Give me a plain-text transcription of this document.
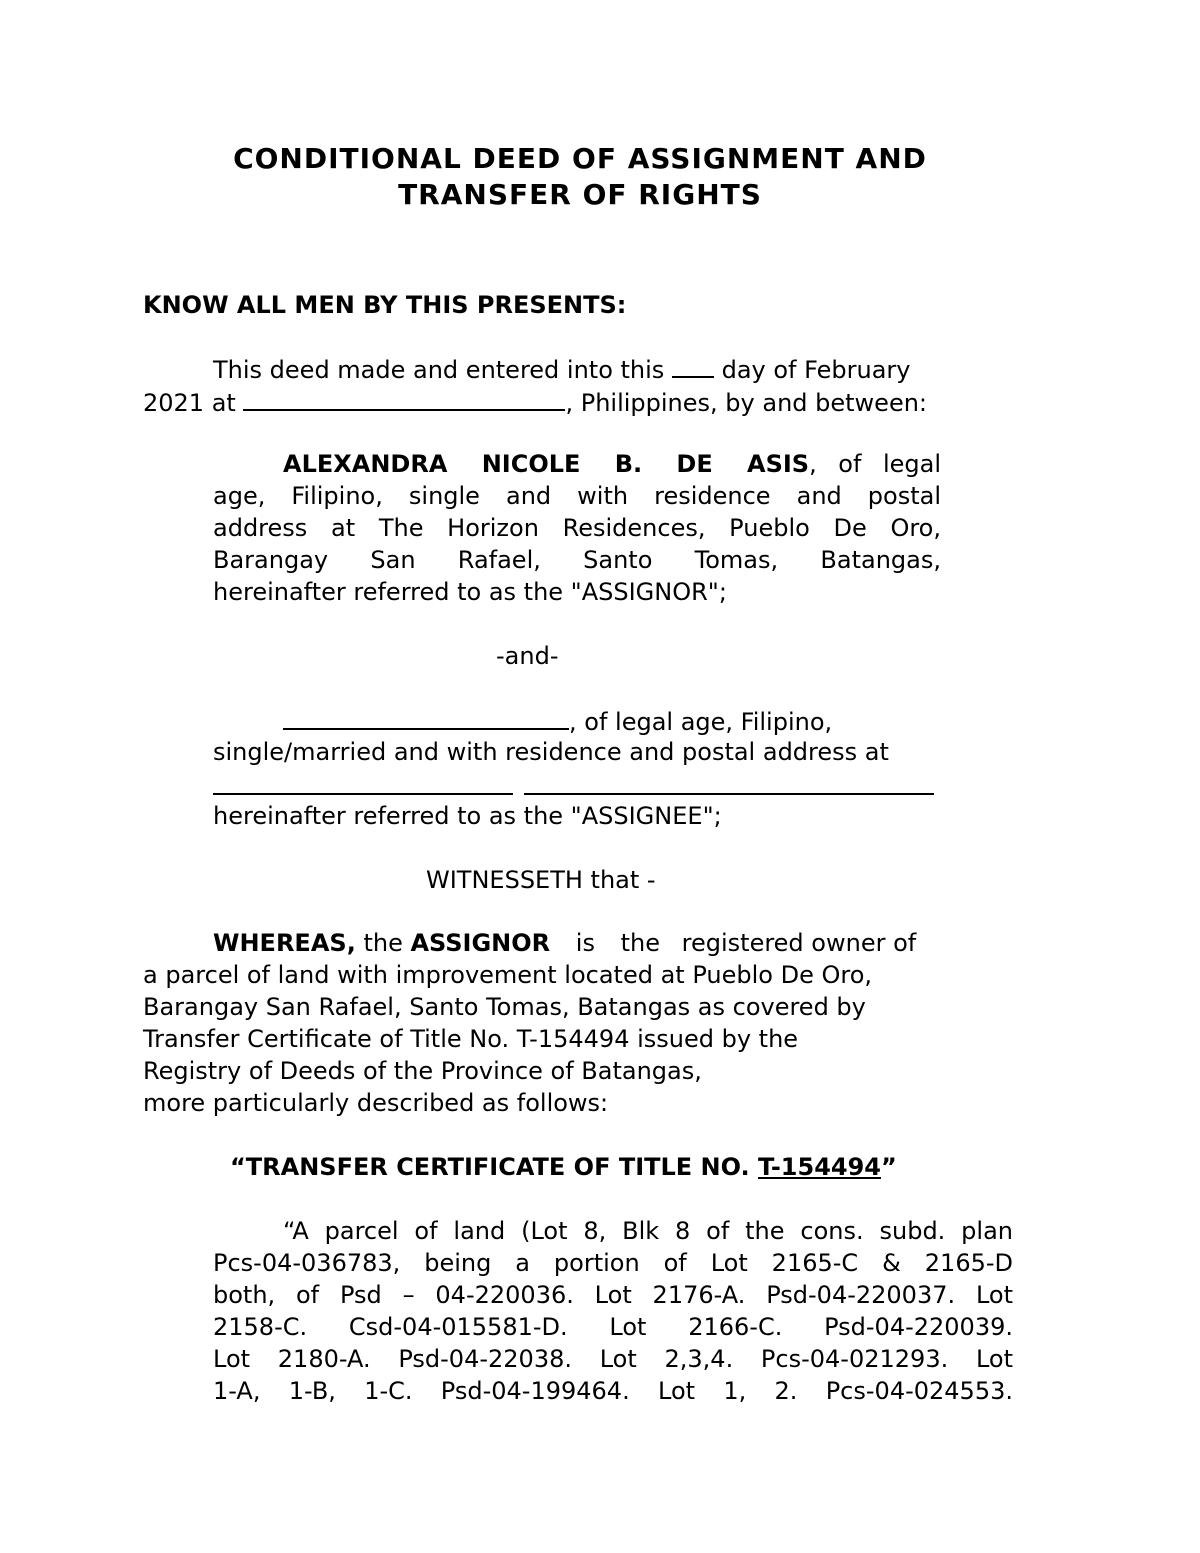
CONDITIONAL DEED OF ASSIGNMENT AND
TRANSFER OF RIGHTS
KNOW ALL MEN BY THIS PRESENTS:
This deed made and entered into this day of February
2021 at	, Philippines, by and between:
ALEXANDRA NICOLE B. DE ASIS, of legal
age, Filipino, single and with residence and postal
address at The Horizon Residences, Pueblo De Oro,
Barangay San Rafael, Santo Tomas, Batangas,
hereinafter referred to as the "ASSIGNOR";
-and-
, of legal age, Filipino,
single/married and with residence and postal address at
hereinafter referred to as the "ASSIGNEE";
WITNESSETH that -
WHEREAS, the ASSIGNOR is the registered owner of
a parcel of land with improvement located at Pueblo De Oro,
Barangay San Rafael, Santo Tomas, Batangas as covered by
Transfer Certificate of Title No. T-154494 issued by the
Registry of Deeds of the Province of Batangas,
more particularly described as follows:
“TRANSFER CERTIFICATE OF TITLE NO. T-154494”
“A parcel of land (Lot 8, Blk 8 of the cons. subd. plan
Pcs-04-036783, being a portion of Lot 2165-C & 2165-D
both, of Psd – 04-220036. Lot 2176-A. Psd-04-220037. Lot
2158-C. Csd-04-015581-D. Lot 2166-C. Psd-04-220039.
Lot 2180-A. Psd-04-22038. Lot 2,3,4. Pcs-04-021293. Lot
1-A, 1-B, 1-C. Psd-04-199464. Lot 1, 2. Pcs-04-024553.
